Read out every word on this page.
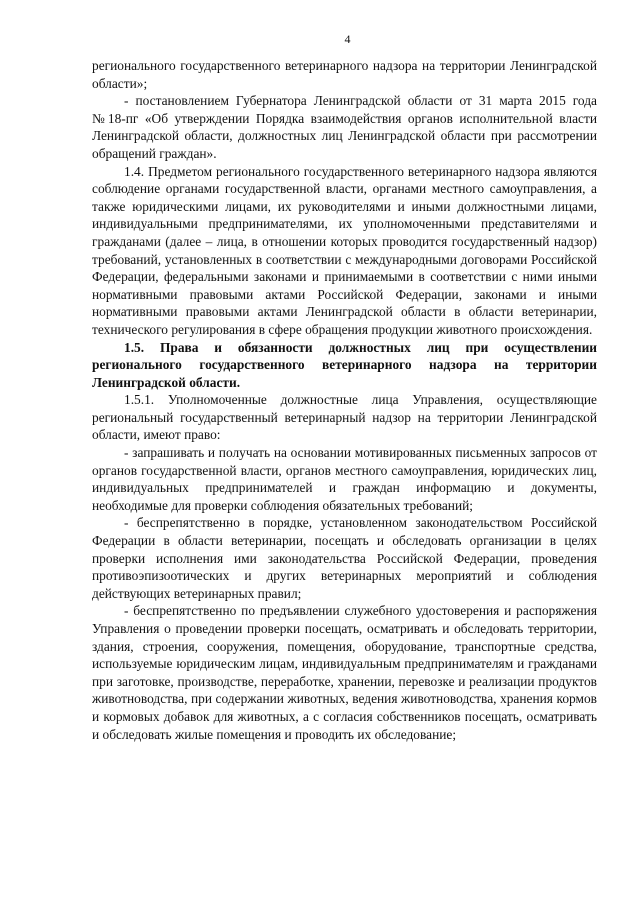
4

регионального государственного ветеринарного надзора на территории Ленинградской области»;

- постановлением Губернатора Ленинградской области от 31 марта 2015 года №18-пг «Об утверждении Порядка взаимодействия органов исполнительной власти Ленинградской области, должностных лиц Ленинградской области при рассмотрении обращений граждан».

1.4. Предметом регионального государственного ветеринарного надзора являются соблюдение органами государственной власти, органами местного самоуправления, а также юридическими лицами, их руководителями и иными должностными лицами, индивидуальными предпринимателями, их уполномоченными представителями и гражданами (далее – лица, в отношении которых проводится государственный надзор) требований, установленных в соответствии с международными договорами Российской Федерации, федеральными законами и принимаемыми в соответствии с ними иными нормативными правовыми актами Российской Федерации, законами и иными нормативными правовыми актами Ленинградской области в области ветеринарии, технического регулирования в сфере обращения продукции животного происхождения.

1.5. Права и обязанности должностных лиц при осуществлении регионального государственного ветеринарного надзора на территории Ленинградской области.

1.5.1. Уполномоченные должностные лица Управления, осуществляющие региональный государственный ветеринарный надзор на территории Ленинградской области, имеют право:

- запрашивать и получать на основании мотивированных письменных запросов от органов государственной власти, органов местного самоуправления, юридических лиц, индивидуальных предпринимателей и граждан информацию и документы, необходимые для проверки соблюдения обязательных требований;

- беспрепятственно в порядке, установленном законодательством Российской Федерации в области ветеринарии, посещать и обследовать организации в целях проверки исполнения ими законодательства Российской Федерации, проведения противоэпизоотических и других ветеринарных мероприятий и соблюдения действующих ветеринарных правил;

- беспрепятственно по предъявлении служебного удостоверения и распоряжения Управления о проведении проверки посещать, осматривать и обследовать территории, здания, строения, сооружения, помещения, оборудование, транспортные средства, используемые юридическим лицам, индивидуальным предпринимателям и гражданами при заготовке, производстве, переработке, хранении, перевозке и реализации продуктов животноводства, при содержании животных, ведения животноводства, хранения кормов и кормовых добавок для животных, а с согласия собственников посещать, осматривать и обследовать жилые помещения и проводить их обследование;
